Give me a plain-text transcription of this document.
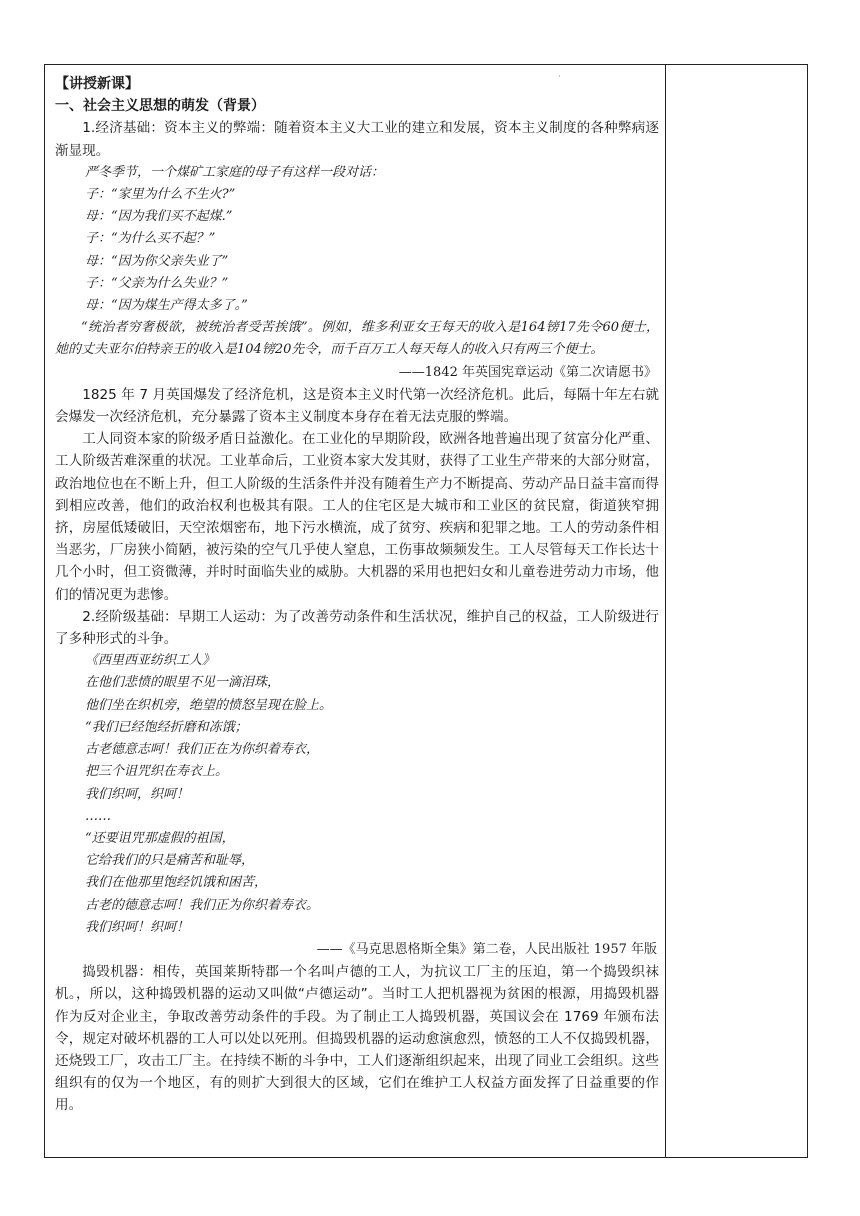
·

【讲授新课】

一、社会主义思想的萌发（背景）

1.经济基础：资本主义的弊端：随着资本主义大工业的建立和发展，资本主义制度的各种弊病逐渐显现。

严冬季节，一个煤矿工家庭的母子有这样一段对话：

子：“家里为什么不生火?”

母：“因为我们买不起煤.”

子：“为什么买不起？”

母：“因为你父亲失业了”

子：“父亲为什么失业？”

母：“因为煤生产得太多了。”

“统治者穷奢极欲，被统治者受苦挨饿”。例如，维多利亚女王每天的收入是164镑17先令60便士，她的丈夫亚尔伯特亲王的收入是104镑20先令，而千百万工人每天每人的收入只有两三个便士。

——1842 年英国宪章运动《第二次请愿书》

1825 年 7 月英国爆发了经济危机，这是资本主义时代第一次经济危机。此后，每隔十年左右就会爆发一次经济危机，充分暴露了资本主义制度本身存在着无法克服的弊端。

工人同资本家的阶级矛盾日益激化。在工业化的早期阶段，欧洲各地普遍出现了贫富分化严重、工人阶级苦难深重的状况。工业革命后，工业资本家大发其财，获得了工业生产带来的大部分财富，政治地位也在不断上升，但工人阶级的生活条件并没有随着生产力不断提高、劳动产品日益丰富而得到相应改善，他们的政治权利也极其有限。工人的住宅区是大城市和工业区的贫民窟，街道狭窄拥挤，房屋低矮破旧，天空浓烟密布，地下污水横流，成了贫穷、疾病和犯罪之地。工人的劳动条件相当恶劣，厂房狭小简陋，被污染的空气几乎使人窒息，工伤事故频频发生。工人尽管每天工作长达十几个小时，但工资微薄，并时时面临失业的威胁。大机器的采用也把妇女和儿童卷进劳动力市场，他们的情况更为悲惨。

2.经阶级基础：早期工人运动：为了改善劳动条件和生活状况，维护自己的权益，工人阶级进行了多种形式的斗争。

《西里西亚纺织工人》

在他们悲愤的眼里不见一滴泪珠，

他们坐在织机旁，绝望的愤怒呈现在脸上。

“我们已经饱经折磨和冻饿；

古老德意志呵！我们正在为你织着寿衣，

把三个诅咒织在寿衣上。

我们织呵，织呵！

……

“还要诅咒那虚假的祖国，

它给我们的只是痛苦和耻辱，

我们在他那里饱经饥饿和困苦，

古老的德意志呵！我们正为你织着寿衣。

我们织呵！织呵！

——《马克思恩格斯全集》第二卷，人民出版社 1957 年版

捣毁机器：相传，英国莱斯特郡一个名叫卢德的工人，为抗议工厂主的压迫，第一个捣毁织袜机。，所以，这种捣毁机器的运动又叫做“卢德运动”。当时工人把机器视为贫困的根源，用捣毁机器作为反对企业主，争取改善劳动条件的手段。为了制止工人捣毁机器，英国议会在 1769 年颁布法令，规定对破坏机器的工人可以处以死刑。但捣毁机器的运动愈演愈烈，愤怒的工人不仅捣毁机器，还烧毁工厂，攻击工厂主。在持续不断的斗争中，工人们逐渐组织起来，出现了同业工会组织。这些组织有的仅为一个地区，有的则扩大到很大的区域，它们在维护工人权益方面发挥了日益重要的作用。
